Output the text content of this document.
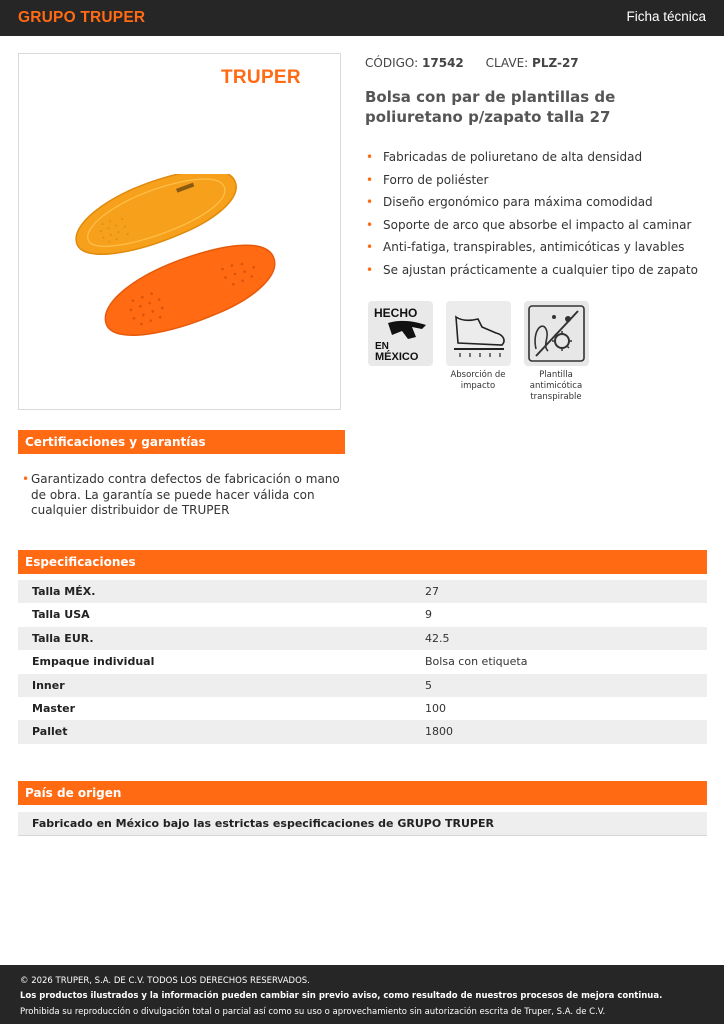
GRUPO TRUPER	Ficha técnica
TRUPER
CÓDIGO: 17542 CLAVE: PLZ-27
Bolsa con par de plantillas de poliuretano p/zapato talla 27
• Fabricadas de poliuretano de alta densidad
• Forro de poliéster
• Diseño ergonómico para máxima comodidad
• Soporte de arco que absorbe el impacto al caminar
• Anti-fatiga, transpirables, antimicóticas y lavables
• Se ajustan prácticamente a cualquier tipo de zapato
HECHO
EN
MÉXICO
Absorción de impacto
Plantilla antimicótica transpirable
Certificaciones y garantías
• Garantizado contra defectos de fabricación o mano de obra. La garantía se puede hacer válida con cualquier distribuidor de TRUPER
Especificaciones
Talla MÉX.	27
Talla USA	9
Talla EUR.	42.5
Empaque individual	Bolsa con etiqueta
Inner	5
Master	100
Pallet	1800
País de origen
Fabricado en México bajo las estrictas especificaciones de GRUPO TRUPER
© 2026 TRUPER, S.A. DE C.V. TODOS LOS DERECHOS RESERVADOS.
Los productos ilustrados y la información pueden cambiar sin previo aviso, como resultado de nuestros procesos de mejora continua.
Prohibida su reproducción o divulgación total o parcial así como su uso o aprovechamiento sin autorización escrita de Truper, S.A. de C.V.
